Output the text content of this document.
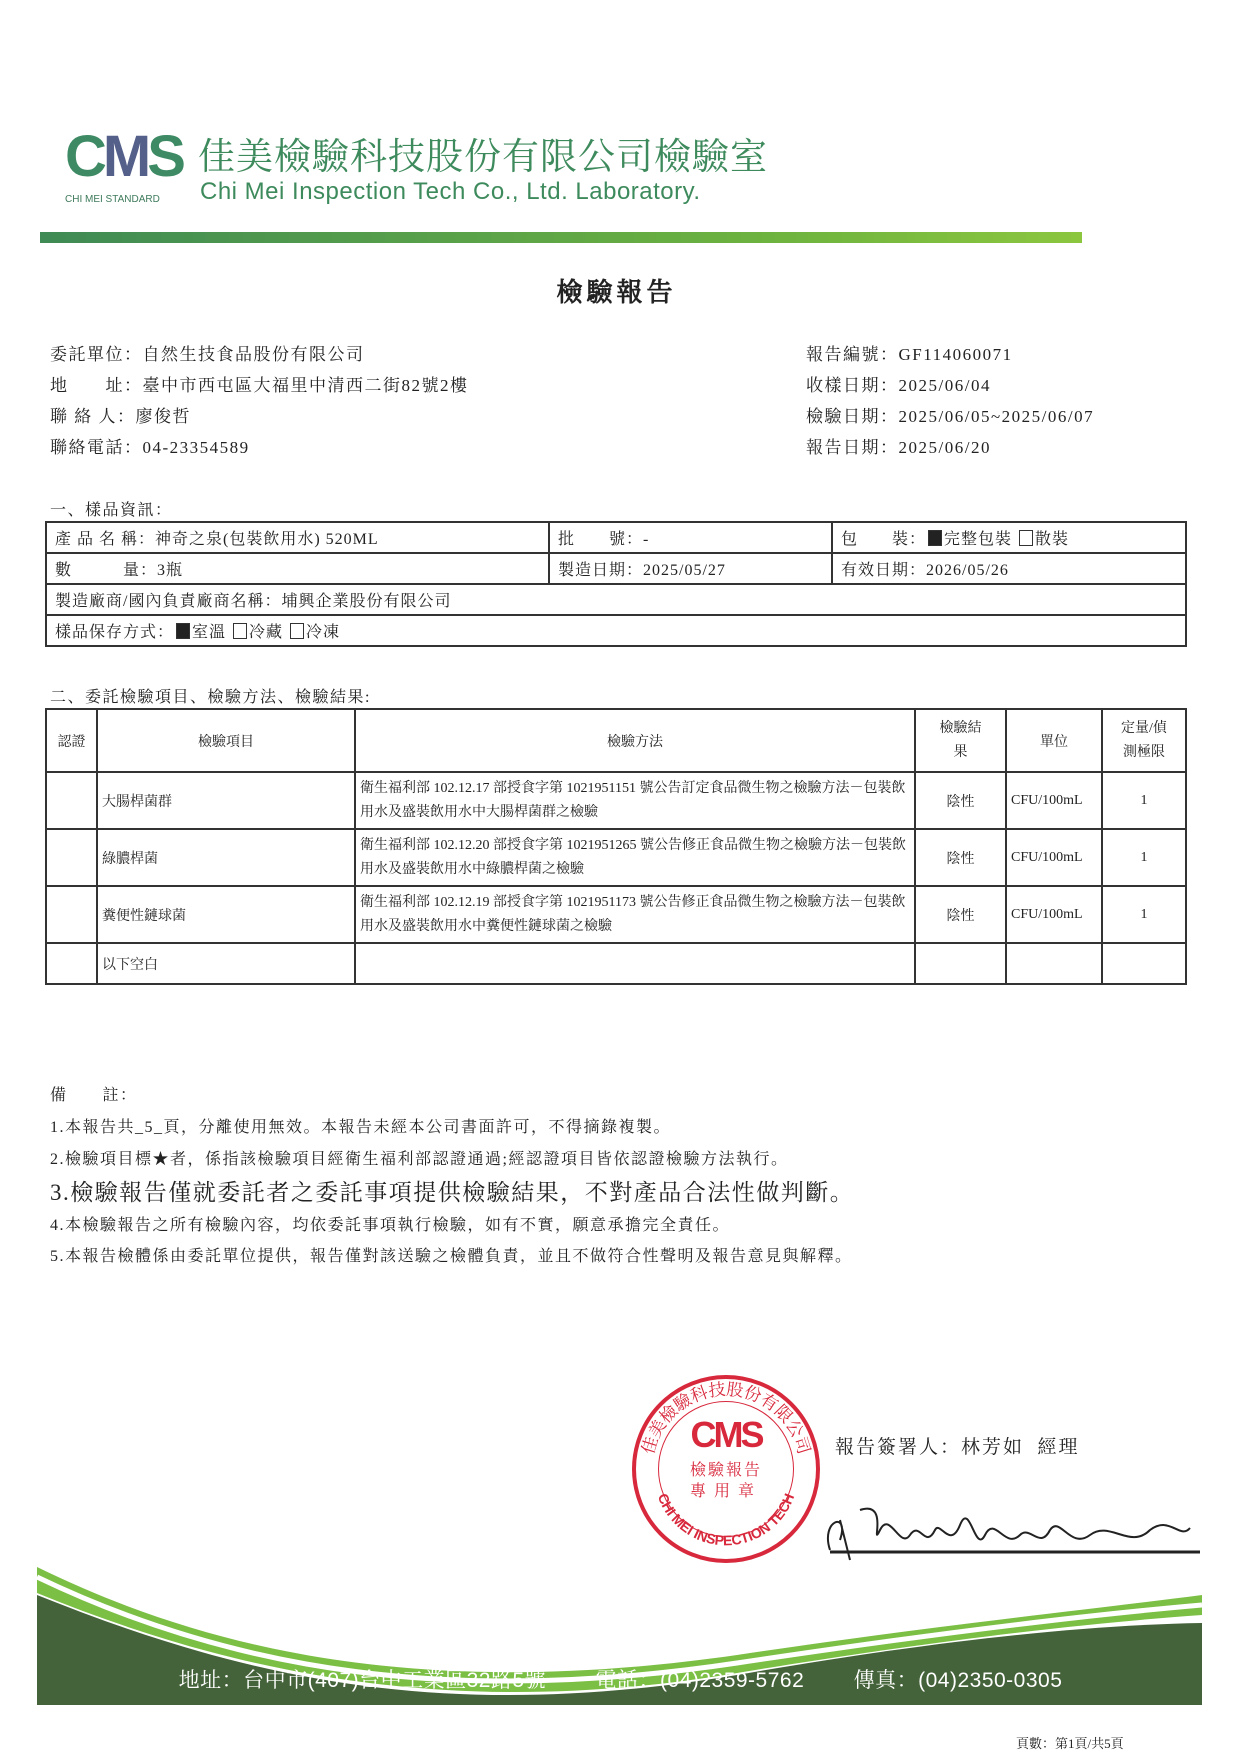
CMS
CHI MEI STANDARD
佳美檢驗科技股份有限公司檢驗室
Chi Mei Inspection Tech Co., Ltd. Laboratory.
檢驗報告
委託單位：自然生技食品股份有限公司
地　　址：臺中市西屯區大福里中清西二街82號2樓
聯 絡 人：廖俊哲
聯絡電話：04-23354589
報告編號：GF114060071
收樣日期：2025/06/04
檢驗日期：2025/06/05~2025/06/07
報告日期：2025/06/20
一、樣品資訊：
產 品 名 稱：神奇之泉(包裝飲用水) 520ML	批　　號：-	包　　裝： 完整包裝 散裝
數　　　量：3瓶	製造日期：2025/05/27	有效日期：2026/05/26
製造廠商/國內負責廠商名稱：埔興企業股份有限公司		
樣品保存方式： 室溫 冷藏 冷凍		
二、委託檢驗項目、檢驗方法、檢驗結果:
認證	檢驗項目	檢驗方法	檢驗結果	單位	定量/偵測極限
	大腸桿菌群	衛生福利部 102.12.17 部授食字第 1021951151 號公告訂定食品微生物之檢驗方法－包裝飲用水及盛裝飲用水中大腸桿菌群之檢驗	陰性	CFU/100mL	1
	綠膿桿菌	衛生福利部 102.12.20 部授食字第 1021951265 號公告修正食品微生物之檢驗方法－包裝飲用水及盛裝飲用水中綠膿桿菌之檢驗	陰性	CFU/100mL	1
	糞便性鏈球菌	衛生福利部 102.12.19 部授食字第 1021951173 號公告修正食品微生物之檢驗方法－包裝飲用水及盛裝飲用水中糞便性鏈球菌之檢驗	陰性	CFU/100mL	1
	以下空白				
備　　註：
1.本報告共_5_頁，分離使用無效。本報告未經本公司書面許可，不得摘錄複製。
2.檢驗項目標★者，係指該檢驗項目經衛生福利部認證通過;經認證項目皆依認證檢驗方法執行。
3.檢驗報告僅就委託者之委託事項提供檢驗結果，不對產品合法性做判斷。
4.本檢驗報告之所有檢驗內容，均依委託事項執行檢驗，如有不實，願意承擔完全責任。
5.本報告檢體係由委託單位提供，報告僅對該送驗之檢體負責，並且不做符合性聲明及報告意見與解釋。
地址：台中市(407)台中工業區32路5號 電話：(04)2359-5762 傳真：(04)2350-0305
佳美檢驗科技股份有限公司
CHI MEI INSPECTION TECH
CMS
檢驗報告
專用章
報告簽署人：林芳如 經理
頁數：第1頁/共5頁
